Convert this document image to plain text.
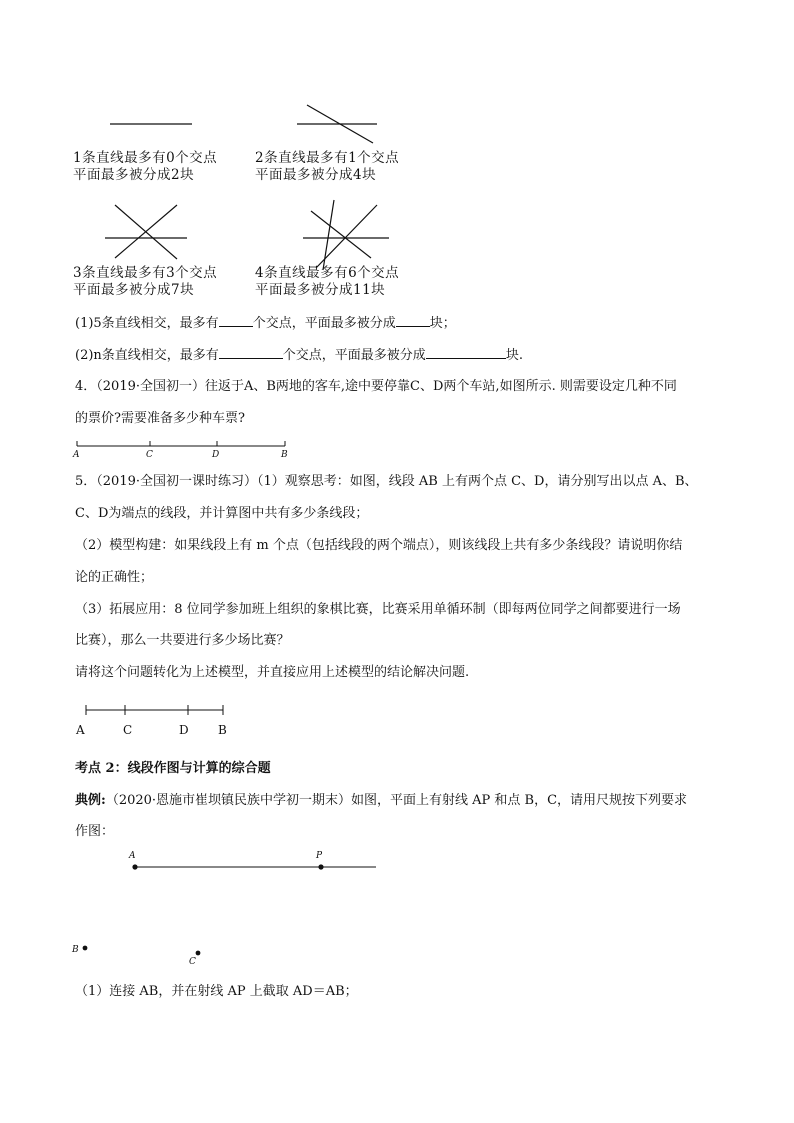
1条直线最多有0个交点
平面最多被分成2块
2条直线最多有1个交点
平面最多被分成4块
3条直线最多有3个交点
平面最多被分成7块
4条直线最多有6个交点
平面最多被分成11块
(1)5条直线相交，最多有	个交点，平面最多被分成	块；
(2)n条直线相交，最多有	个交点，平面最多被分成	块.
4．（2019·全国初一）往返于A、B两地的客车,途中要停靠C、D两个车站,如图所示. 则需要设定几种不同
的票价?需要准备多少种车票?
A	C	D	B
5．（2019·全国初一课时练习）（1）观察思考：如图，线段 AB 上有两个点 C、D，请分别写出以点 A、B、
C、D为端点的线段，并计算图中共有多少条线段；
（2）模型构建：如果线段上有 m 个点（包括线段的两个端点），则该线段上共有多少条线段？请说明你结
论的正确性；
（3）拓展应用：8 位同学参加班上组织的象棋比赛，比赛采用单循环制（即每两位同学之间都要进行一场
比赛），那么一共要进行多少场比赛？
请将这个问题转化为上述模型，并直接应用上述模型的结论解决问题.
A	C	D B
考点 2：线段作图与计算的综合题
典例:（2020·恩施市崔坝镇民族中学初一期末）如图，平面上有射线 AP 和点 B，C，请用尺规按下列要求
作图：
A	P
B
C
（1）连接 AB，并在射线 AP 上截取 AD＝AB；
